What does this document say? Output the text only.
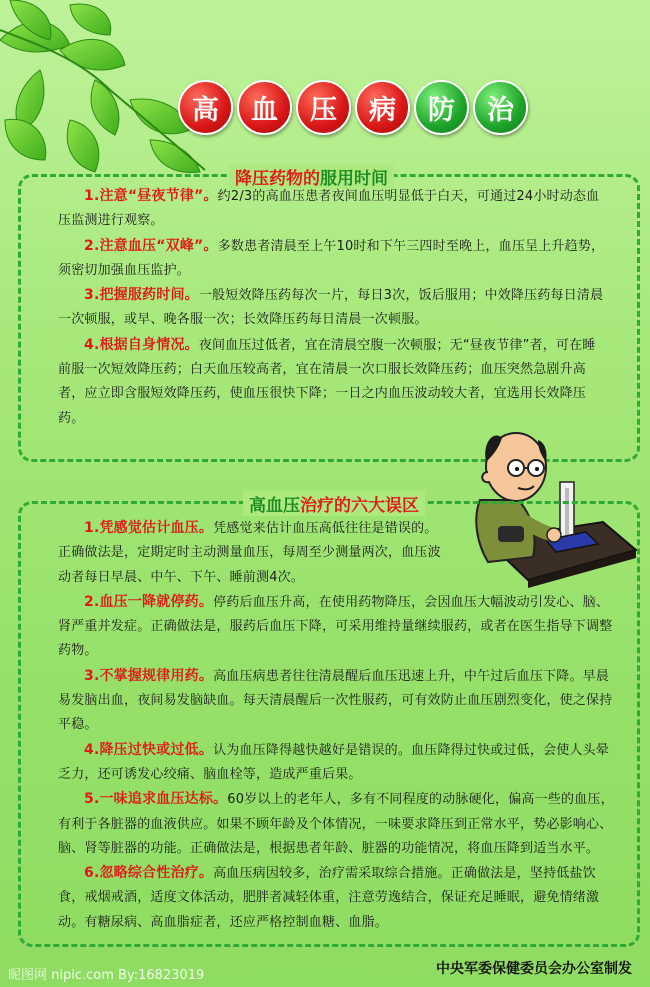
高	血	压	病	防	治
降压药物的服用时间

1.注意“昼夜节律”。约2/3的高血压患者夜间血压明显低于白天，可通过24小时动态血压监测进行观察。

2.注意血压“双峰”。多数患者清晨至上午10时和下午三四时至晚上，血压呈上升趋势，须密切加强血压监护。

3.把握服药时间。一般短效降压药每次一片，每日3次，饭后服用；中效降压药每日清晨一次顿服，或早、晚各服一次；长效降压药每日清晨一次顿服。

4.根据自身情况。夜间血压过低者，宜在清晨空腹一次顿服；无“昼夜节律”者，可在睡前服一次短效降压药；白天血压较高者，宜在清晨一次口服长效降压药；血压突然急剧升高者，应立即含服短效降压药，使血压很快下降；一日之内血压波动较大者，宜选用长效降压药。

高血压治疗的六大误区

1.凭感觉估计血压。凭感觉来估计血压高低往往是错误的。正确做法是，定期定时主动测量血压，每周至少测量两次，血压波动者每日早晨、中午、下午、睡前测4次。

2.血压一降就停药。停药后血压升高，在使用药物降压，会因血压大幅波动引发心、脑、肾严重并发症。正确做法是，服药后血压下降，可采用维持量继续服药，或者在医生指导下调整药物。

3.不掌握规律用药。高血压病患者往往清晨醒后血压迅速上升，中午过后血压下降。早晨易发脑出血，夜间易发脑缺血。每天清晨醒后一次性服药，可有效防止血压剧烈变化，使之保持平稳。

4.降压过快或过低。认为血压降得越快越好是错误的。血压降得过快或过低，会使人头晕乏力，还可诱发心绞痛、脑血栓等，造成严重后果。

5.一味追求血压达标。60岁以上的老年人，多有不同程度的动脉硬化，偏高一些的血压，有利于各脏器的血液供应。如果不顾年龄及个体情况，一味要求降压到正常水平，势必影响心、脑、肾等脏器的功能。正确做法是，根据患者年龄、脏器的功能情况，将血压降到适当水平。

6.忽略综合性治疗。高血压病因较多，治疗需采取综合措施。正确做法是，坚持低盐饮食，戒烟戒酒，适度文体活动，肥胖者减轻体重，注意劳逸结合，保证充足睡眠，避免情绪激动。有糖尿病、高血脂症者，还应严格控制血糖、血脂。

昵图网 nipic.com By:16823019	中央军委保健委员会办公室制发
